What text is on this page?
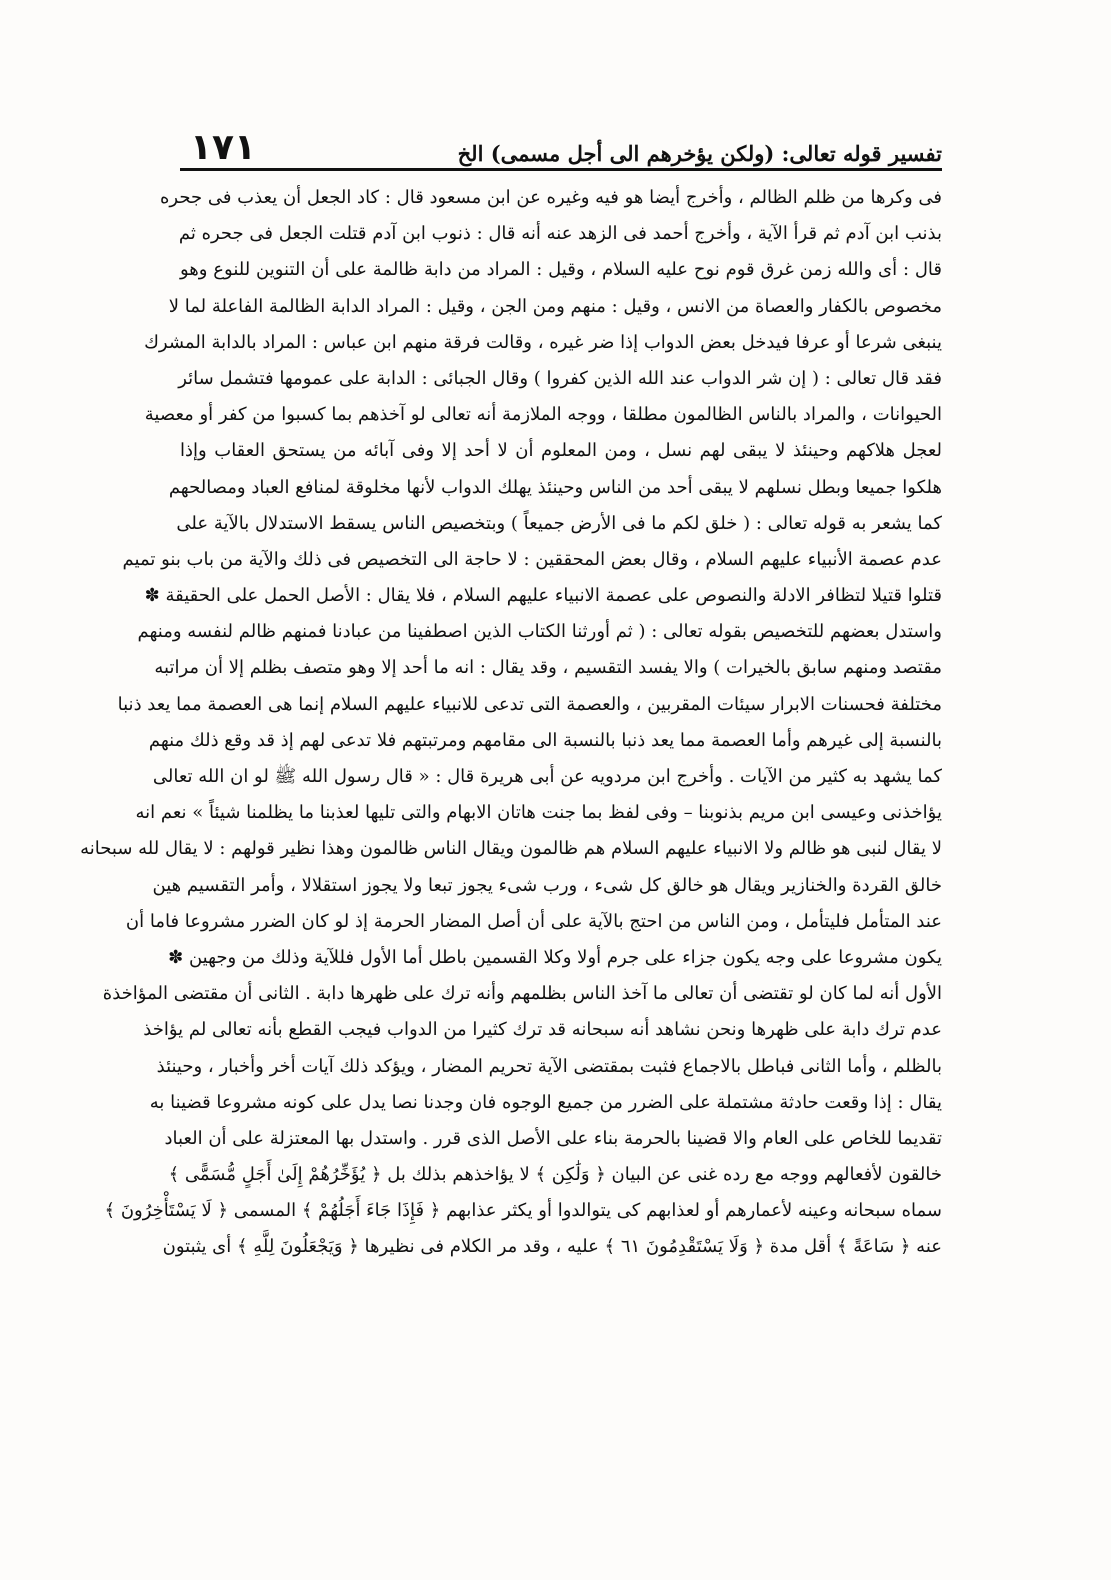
تفسير قوله تعالى: (ولكن يؤخرهم الى أجل مسمى) الخ
١٧١
فى وكرها من ظلم الظالم ، وأخرج أيضا هو فيه وغيره عن ابن مسعود قال : كاد الجعل أن يعذب فى جحره
بذنب ابن آدم ثم قرأ الآية ، وأخرج أحمد فى الزهد عنه أنه قال : ذنوب ابن آدم قتلت الجعل فى جحره ثم
قال : أى والله زمن غرق قوم نوح عليه السلام ، وقيل : المراد من دابة ظالمة على أن التنوين للنوع وهو
مخصوص بالكفار والعصاة من الانس ، وقيل : منهم ومن الجن ، وقيل : المراد الدابة الظالمة الفاعلة لما لا
ينبغى شرعا أو عرفا فيدخل بعض الدواب إذا ضر غيره ، وقالت فرقة منهم ابن عباس : المراد بالدابة المشرك
فقد قال تعالى : ( إن شر الدواب عند الله الذين كفروا ) وقال الجبائى : الدابة على عمومها فتشمل سائر
الحيوانات ، والمراد بالناس الظالمون مطلقا ، ووجه الملازمة أنه تعالى لو آخذهم بما كسبوا من كفر أو معصية
لعجل هلاكهم وحينئذ لا يبقى لهم نسل ، ومن المعلوم أن لا أحد إلا وفى آبائه من يستحق العقاب وإذا
هلكوا جميعا وبطل نسلهم لا يبقى أحد من الناس وحينئذ يهلك الدواب لأنها مخلوقة لمنافع العباد ومصالحهم
كما يشعر به قوله تعالى : ( خلق لكم ما فى الأرض جميعاً ) وبتخصيص الناس يسقط الاستدلال بالآية على
عدم عصمة الأنبياء عليهم السلام ، وقال بعض المحققين : لا حاجة الى التخصيص فى ذلك والآية من باب بنو تميم
قتلوا قتيلا لتظافر الادلة والنصوص على عصمة الانبياء عليهم السلام ، فلا يقال : الأصل الحمل على الحقيقة ✽
واستدل بعضهم للتخصيص بقوله تعالى : ( ثم أورثنا الكتاب الذين اصطفينا من عبادنا فمنهم ظالم لنفسه ومنهم
مقتصد ومنهم سابق بالخيرات ) والا يفسد التقسيم ، وقد يقال : انه ما أحد إلا وهو متصف بظلم إلا أن مراتبه
مختلفة فحسنات الابرار سيئات المقربين ، والعصمة التى تدعى للانبياء عليهم السلام إنما هى العصمة مما يعد ذنبا
بالنسبة إلى غيرهم وأما العصمة مما يعد ذنبا بالنسبة الى مقامهم ومرتبتهم فلا تدعى لهم إذ قد وقع ذلك منهم
كما يشهد به كثير من الآيات . وأخرج ابن مردويه عن أبى هريرة قال : « قال رسول الله ﷺ لو ان الله تعالى
يؤاخذنى وعيسى ابن مريم بذنوبنا – وفى لفظ بما جنت هاتان الابهام والتى تليها لعذبنا ما يظلمنا شيئاً » نعم انه
لا يقال لنبى هو ظالم ولا الانبياء عليهم السلام هم ظالمون ويقال الناس ظالمون وهذا نظير قولهم : لا يقال لله سبحانه
خالق القردة والخنازير ويقال هو خالق كل شىء ، ورب شىء يجوز تبعا ولا يجوز استقلالا ، وأمر التقسيم هين
عند المتأمل فليتأمل ، ومن الناس من احتج بالآية على أن أصل المضار الحرمة إذ لو كان الضرر مشروعا فاما أن
يكون مشروعا على وجه يكون جزاء على جرم أولا وكلا القسمين باطل أما الأول فللآية وذلك من وجهين ✽
الأول أنه لما كان لو تقتضى أن تعالى ما آخذ الناس بظلمهم وأنه ترك على ظهرها دابة . الثانى أن مقتضى المؤاخذة
عدم ترك دابة على ظهرها ونحن نشاهد أنه سبحانه قد ترك كثيرا من الدواب فيجب القطع بأنه تعالى لم يؤاخذ
بالظلم ، وأما الثانى فباطل بالاجماع فثبت بمقتضى الآية تحريم المضار ، ويؤكد ذلك آيات أخر وأخبار ، وحينئذ
يقال : إذا وقعت حادثة مشتملة على الضرر من جميع الوجوه فان وجدنا نصا يدل على كونه مشروعا قضينا به
تقديما للخاص على العام والا قضينا بالحرمة بناء على الأصل الذى قرر . واستدل بها المعتزلة على أن العباد
خالقون لأفعالهم ووجه مع رده غنى عن البيان ﴿ وَلَٰكِن ﴾ لا يؤاخذهم بذلك بل ﴿ يُؤَخِّرُهُمْ إِلَىٰ أَجَلٍ مُّسَمًّى ﴾
سماه سبحانه وعينه لأعمارهم أو لعذابهم كى يتوالدوا أو يكثر عذابهم ﴿ فَإِذَا جَاءَ أَجَلُهُمْ ﴾ المسمى ﴿ لَا يَسْتَأْخِرُونَ ﴾
عنه ﴿ سَاعَةً ﴾ أقل مدة ﴿ وَلَا يَسْتَقْدِمُونَ ٦١ ﴾ عليه ، وقد مر الكلام فى نظيرها ﴿ وَيَجْعَلُونَ لِلَّهِ ﴾ أى يثبتون
